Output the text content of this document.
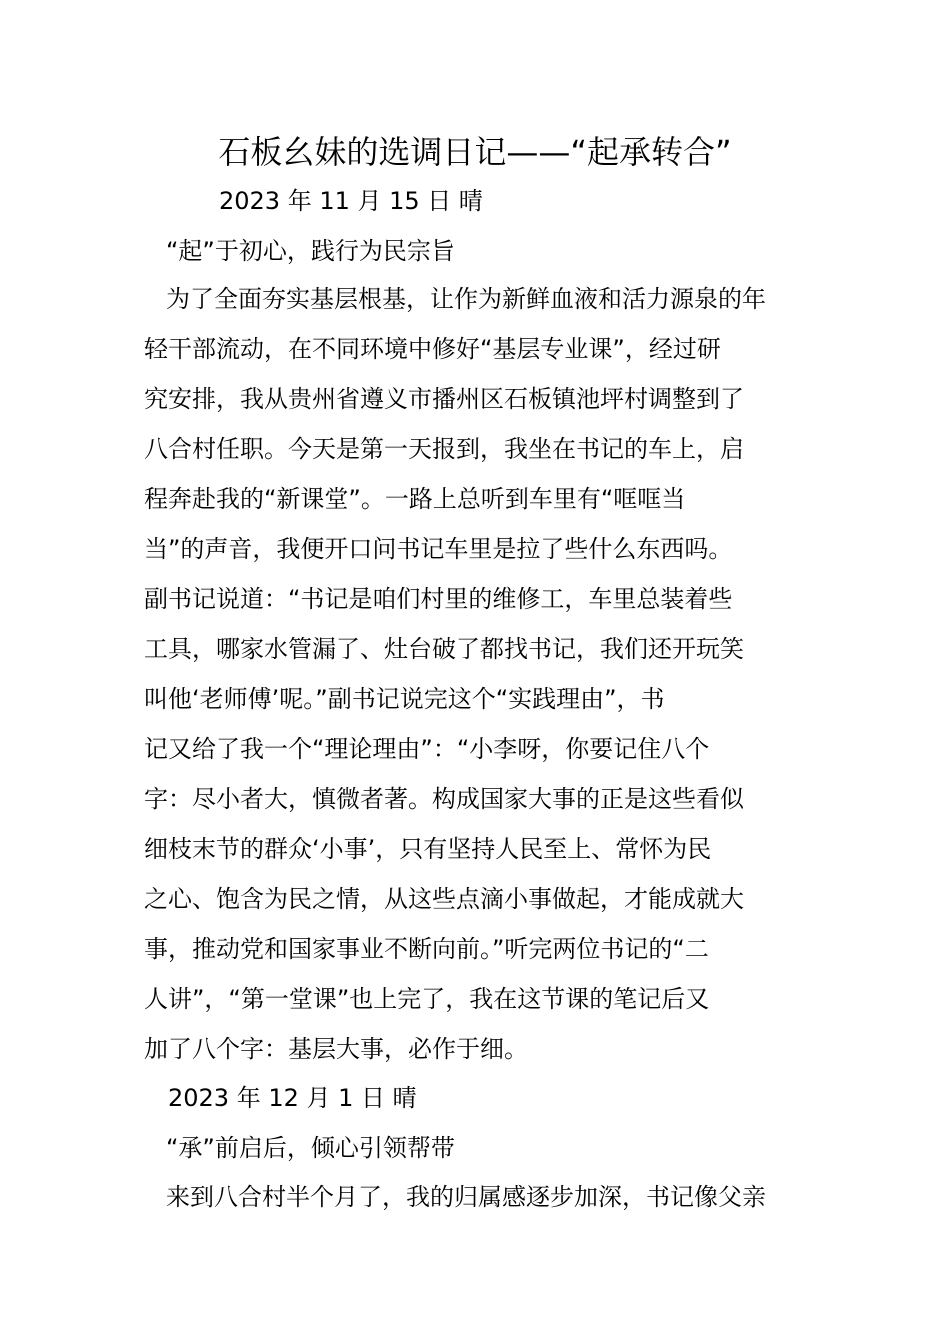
石板幺妹的选调日记——“起承转合”
2023 年 11 月 15 日 晴
“起”于初心，践行为民宗旨
为了全面夯实基层根基，让作为新鲜血液和活力源泉的年
轻干部流动，在不同环境中修好“基层专业课”，经过研
究安排，我从贵州省遵义市播州区石板镇池坪村调整到了
八合村任职。今天是第一天报到，我坐在书记的车上，启
程奔赴我的“新课堂”。一路上总听到车里有“哐哐当
当”的声音，我便开口问书记车里是拉了些什么东西吗。
副书记说道：“书记是咱们村里的维修工，车里总装着些
工具，哪家水管漏了、灶台破了都找书记，我们还开玩笑
叫他‘老师傅’呢。”副书记说完这个“实践理由”，书
记又给了我一个“理论理由”：“小李呀，你要记住八个
字：尽小者大，慎微者著。构成国家大事的正是这些看似
细枝末节的群众‘小事’，只有坚持人民至上、常怀为民
之心、饱含为民之情，从这些点滴小事做起，才能成就大
事，推动党和国家事业不断向前。”听完两位书记的“二
人讲”，“第一堂课”也上完了，我在这节课的笔记后又
加了八个字：基层大事，必作于细。
2023 年 12 月 1 日 晴
“承”前启后，倾心引领帮带
来到八合村半个月了，我的归属感逐步加深，书记像父亲
